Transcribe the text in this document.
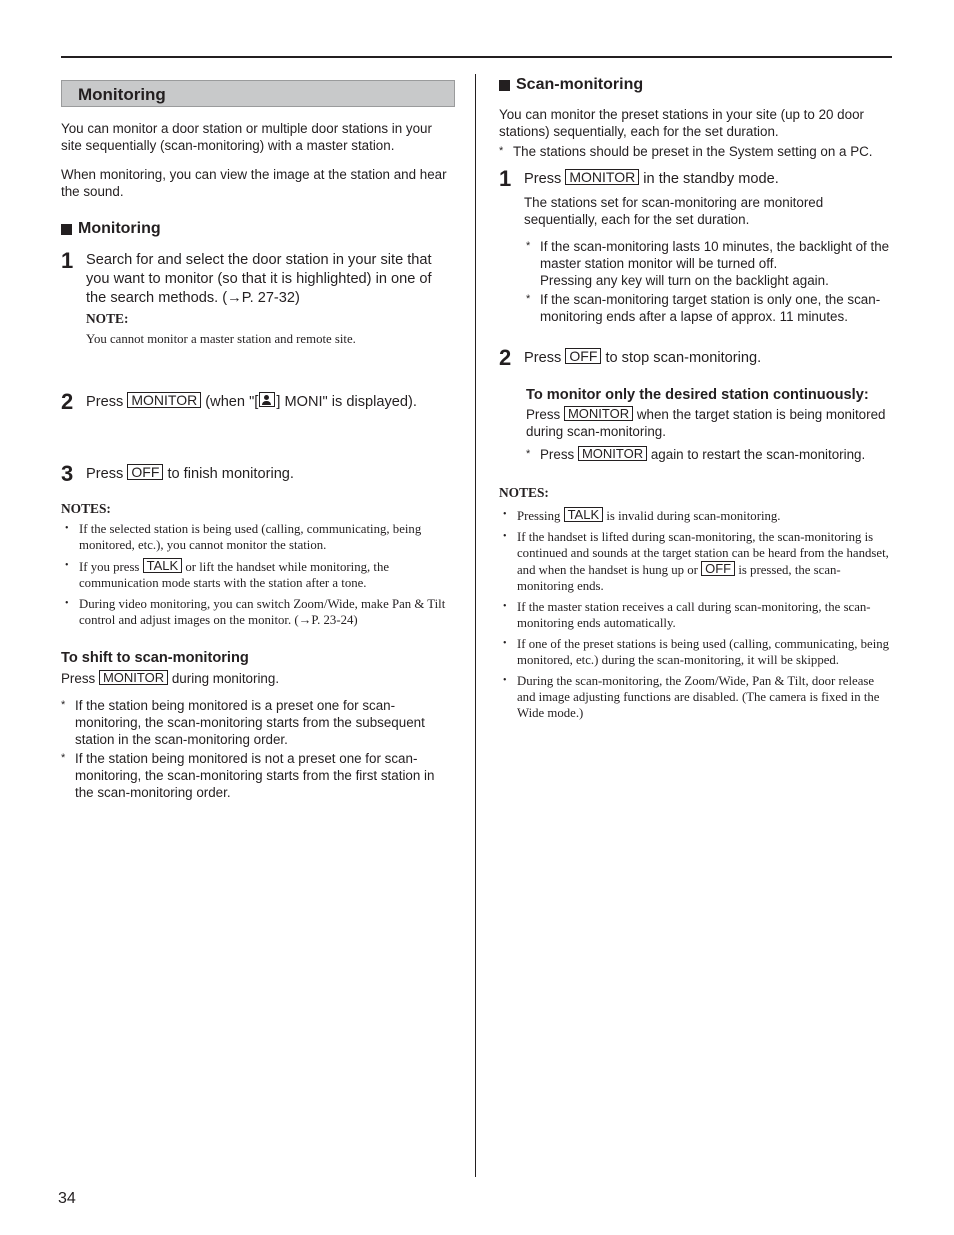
Monitoring

You can monitor a door station or multiple door stations in your site sequentially (scan-monitoring) with a master station.

When monitoring, you can view the image at the station and hear the sound.

Monitoring
1 Search for and select the door station in your site that you want to monitor (so that it is highlighted) in one of the search methods. (→P. 27-32)
NOTE:
You cannot monitor a master station and remote site.
2 Press MONITOR (when "[ ] MONI" is displayed).
3 Press OFF to finish monitoring.
NOTES:
• If the selected station is being used (calling, communicating, being monitored, etc.), you cannot monitor the station.
• If you press TALK or lift the handset while monitoring, the communication mode starts with the station after a tone.
• During video monitoring, you can switch Zoom/Wide, make Pan & Tilt control and adjust images on the monitor. (→P. 23-24)
To shift to scan-monitoring

Press MONITOR during monitoring.

* If the station being monitored is a preset one for scan-monitoring, the scan-monitoring starts from the subsequent station in the scan-monitoring order.
* If the station being monitored is not a preset one for scan-monitoring, the scan-monitoring starts from the first station in the scan-monitoring order.
Scan-monitoring

You can monitor the preset stations in your site (up to 20 door stations) sequentially, each for the set duration.

* The stations should be preset in the System setting on a PC.
1 Press MONITOR in the standby mode.

The stations set for scan-monitoring are monitored sequentially, each for the set duration.

* If the scan-monitoring lasts 10 minutes, the backlight of the master station monitor will be turned off.
Pressing any key will turn on the backlight again.
* If the scan-monitoring target station is only one, the scan-monitoring ends after a lapse of approx. 11 minutes.
2 Press OFF to stop scan-monitoring.
To monitor only the desired station continuously:

Press MONITOR when the target station is being monitored during scan-monitoring.

* Press MONITOR again to restart the scan-monitoring.
NOTES:
• Pressing TALK is invalid during scan-monitoring.
• If the handset is lifted during scan-monitoring, the scan-monitoring is continued and sounds at the target station can be heard from the handset, and when the handset is hung up or OFF is pressed, the scan-monitoring ends.
• If the master station receives a call during scan-monitoring, the scan-monitoring ends automatically.
• If one of the preset stations is being used (calling, communicating, being monitored, etc.) during the scan-monitoring, it will be skipped.
• During the scan-monitoring, the Zoom/Wide, Pan & Tilt, door release and image adjusting functions are disabled. (The camera is fixed in the Wide mode.)
34
